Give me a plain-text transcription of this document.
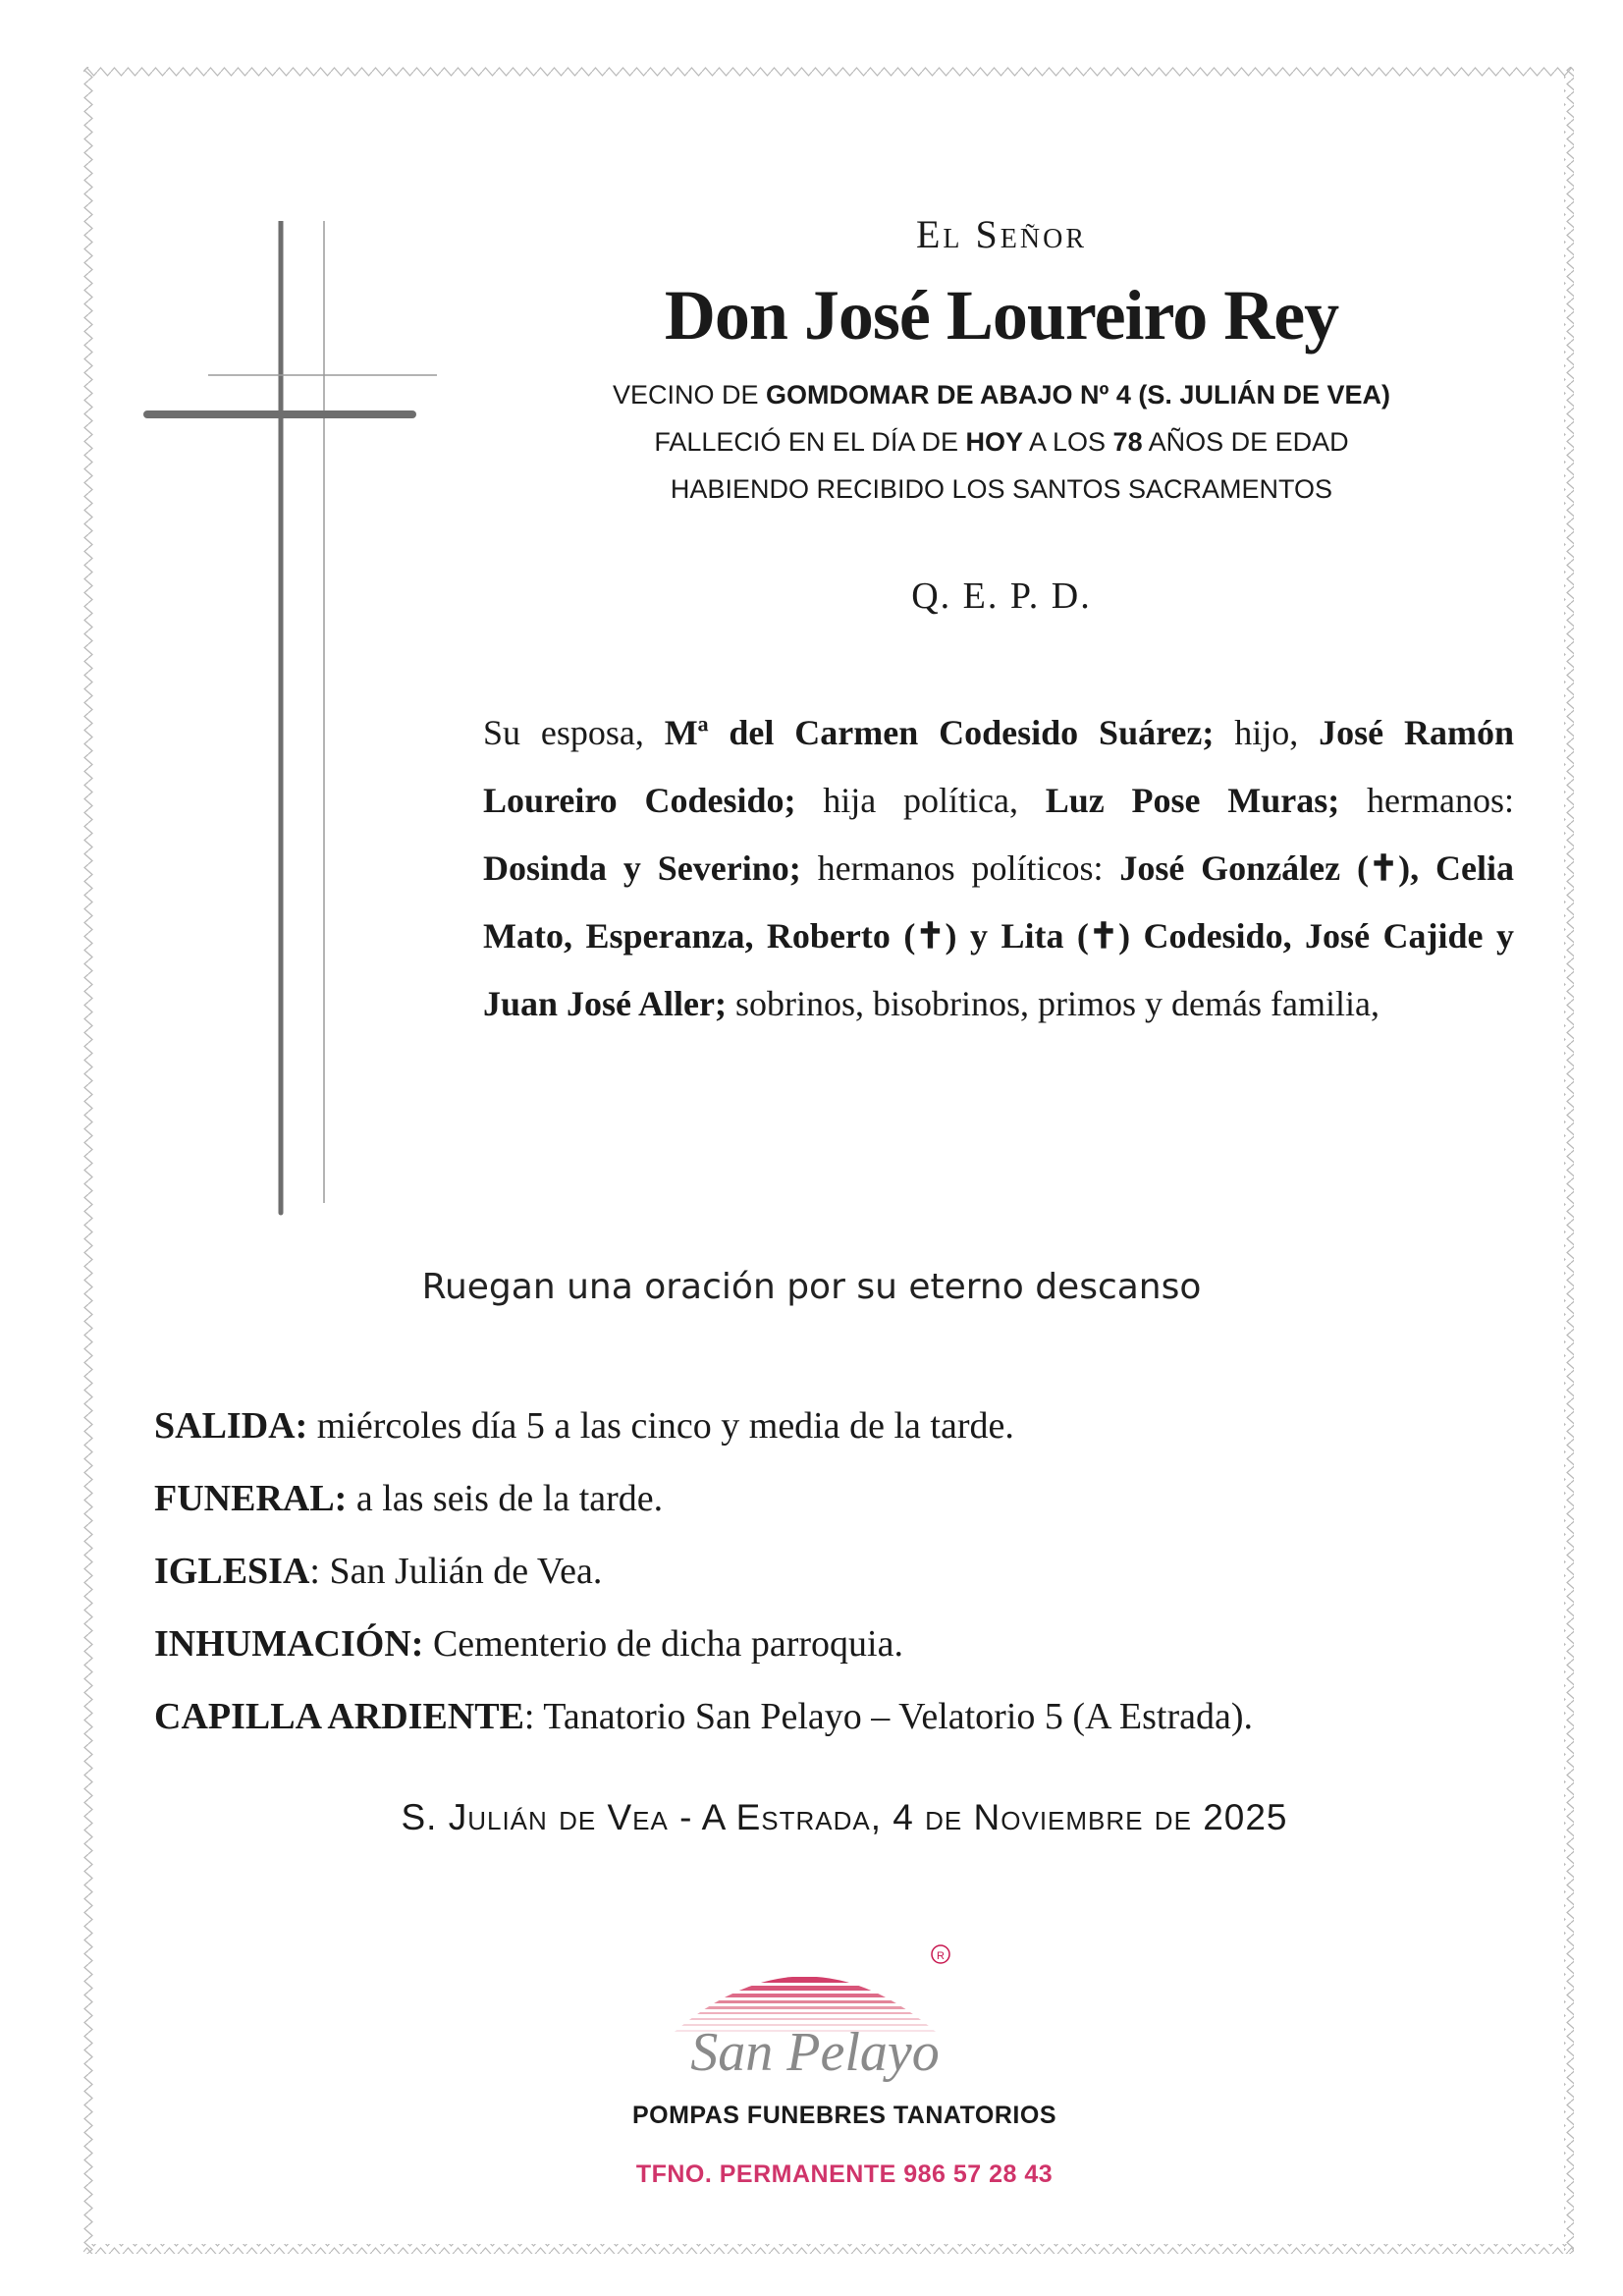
El Señor
Don José Loureiro Rey
VECINO DE GOMDOMAR DE ABAJO Nº 4 (S. JULIÁN DE VEA)
FALLECIÓ EN EL DÍA DE HOY A LOS 78 AÑOS DE EDAD
HABIENDO RECIBIDO LOS SANTOS SACRAMENTOS
Q. E. P. D.
Su esposa, Mª del Carmen Codesido Suárez; hijo, José Ramón Loureiro Codesido; hija política, Luz Pose Muras; hermanos: Dosinda y Severino; hermanos políticos: José González (✝), Celia Mato, Esperanza, Roberto (✝) y Lita (✝) Codesido, José Cajide y Juan José Aller; sobrinos, bisobrinos, primos y demás familia,
Ruegan una oración por su eterno descanso
SALIDA: miércoles día 5 a las cinco y media de la tarde.
FUNERAL: a las seis de la tarde.
IGLESIA: San Julián de Vea.
INHUMACIÓN: Cementerio de dicha parroquia.
CAPILLA ARDIENTE: Tanatorio San Pelayo – Velatorio 5 (A Estrada).
S. Julián de Vea - A Estrada, 4 de Noviembre de 2025
R
San Pelayo
POMPAS FUNEBRES TANATORIOS
TFNO. PERMANENTE 986 57 28 43
